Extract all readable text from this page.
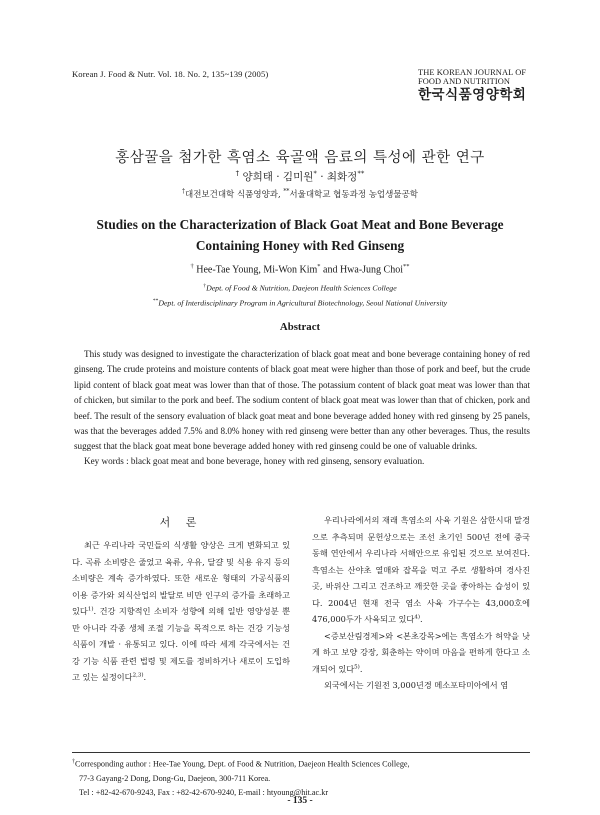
Korean J. Food & Nutr. Vol. 18. No. 2, 135~139 (2005)	THE KOREAN JOURNAL OF
FOOD AND NUTRITION
한국식품영양학회
홍삼꿀을 첨가한 흑염소 육골액 음료의 특성에 관한 연구
† 양희태 · 김미원* · 최화정**
†대전보건대학 식품영양과, **서울대학교 협동과정 농업생물공학
Studies on the Characterization of Black Goat Meat and Bone Beverage
Containing Honey with Red Ginseng
† Hee-Tae Young, Mi-Won Kim* and Hwa-Jung Choi**
†Dept. of Food & Nutrition, Daejeon Health Sciences College
**Dept. of Interdisciplinary Program in Agricultural Biotechnology, Seoul National University
Abstract
This study was designed to investigate the characterization of black goat meat and bone beverage containing honey of red ginseng. The crude proteins and moisture contents of black goat meat were higher than those of pork and beef, but the crude lipid content of black goat meat was lower than that of those. The potassium content of black goat meat was lower than that of chicken, but similar to the pork and beef. The sodium content of black goat meat was lower than that of chicken, pork and beef. The result of the sensory evaluation of black goat meat and bone beverage added honey with red ginseng by 25 panels, was that the beverages added 7.5% and 8.0% honey with red ginseng were better than any other beverages. Thus, the results suggest that the black goat meat bone beverage added honey with red ginseng could be one of valuable drinks.
Key words : black goat meat and bone beverage, honey with red ginseng, sensory evaluation.
서 론

최근 우리나라 국민들의 식생활 양상은 크게 변화되고 있다. 곡류 소비량은 줄었고 육류, 우유, 달걀 및 식용 유지 등의 소비량은 계속 증가하였다. 또한 새로운 형태의 가공식품의 이용 증가와 외식산업의 발달로 비만 인구의 증가를 초래하고 있다$^{1)}$. 건강 지향적인 소비자 성향에 의해 일반 영양성분 뿐만 아니라 각종 생체 조절 기능을 목적으로 하는 건강 기능성 식품이 개발 · 유통되고 있다. 이에 따라 세계 각국에서는 건강 기능 식품 관련 법령 및 제도를 정비하거나 새로이 도입하고 있는 실정이다$^{2,3)}$.

우리나라에서의 재래 흑염소의 사육 기원은 삼한시대 말경으로 추측되며 문헌상으로는 조선 초기인 500년 전에 중국 동해 연안에서 우리나라 서해안으로 유입된 것으로 보여진다. 흑염소는 산야초 열매와 잡목을 먹고 주로 생활하며 경사진 곳, 바위산 그리고 건조하고 깨끗한 곳을 좋아하는 습성이 있다. 2004년 현재 전국 염소 사육 가구수는 43,000호에 476,000두가 사육되고 있다$^{4)}$.

<증보산림경제>와 <본초강목>에는 흑염소가 허약을 낫게 하고 보양 강장, 회춘하는 약이며 마음을 편하게 한다고 소개되어 있다$^{5)}$.

외국에서는 기원전 3,000년경 메소포타미아에서 염

†Corresponding author : Hee-Tae Young, Dept. of Food & Nutrition, Daejeon Health Sciences College,
77-3 Gayang-2 Dong, Dong-Gu, Daejeon, 300-711 Korea.
Tel : +82-42-670-9243, Fax : +82-42-670-9240, E-mail : htyoung@hit.ac.kr
- 135 -
